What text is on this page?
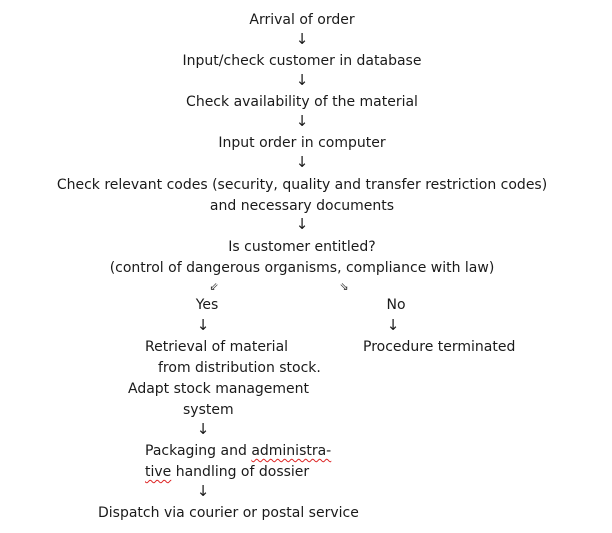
Arrival of order
↓
Input/check customer in database
↓
Check availability of the material
↓
Input order in computer
↓
Check relevant codes (security, quality and transfer restriction codes)
and necessary documents
↓
Is customer entitled?
(control of dangerous organisms, compliance with law)
⇙	⇘
Yes
↓
No
↓
Procedure terminated
Retrieval of material
from distribution stock.
Adapt stock management
system
↓
Packaging and administra-
tive handling of dossier
↓
Dispatch via courier or postal service
